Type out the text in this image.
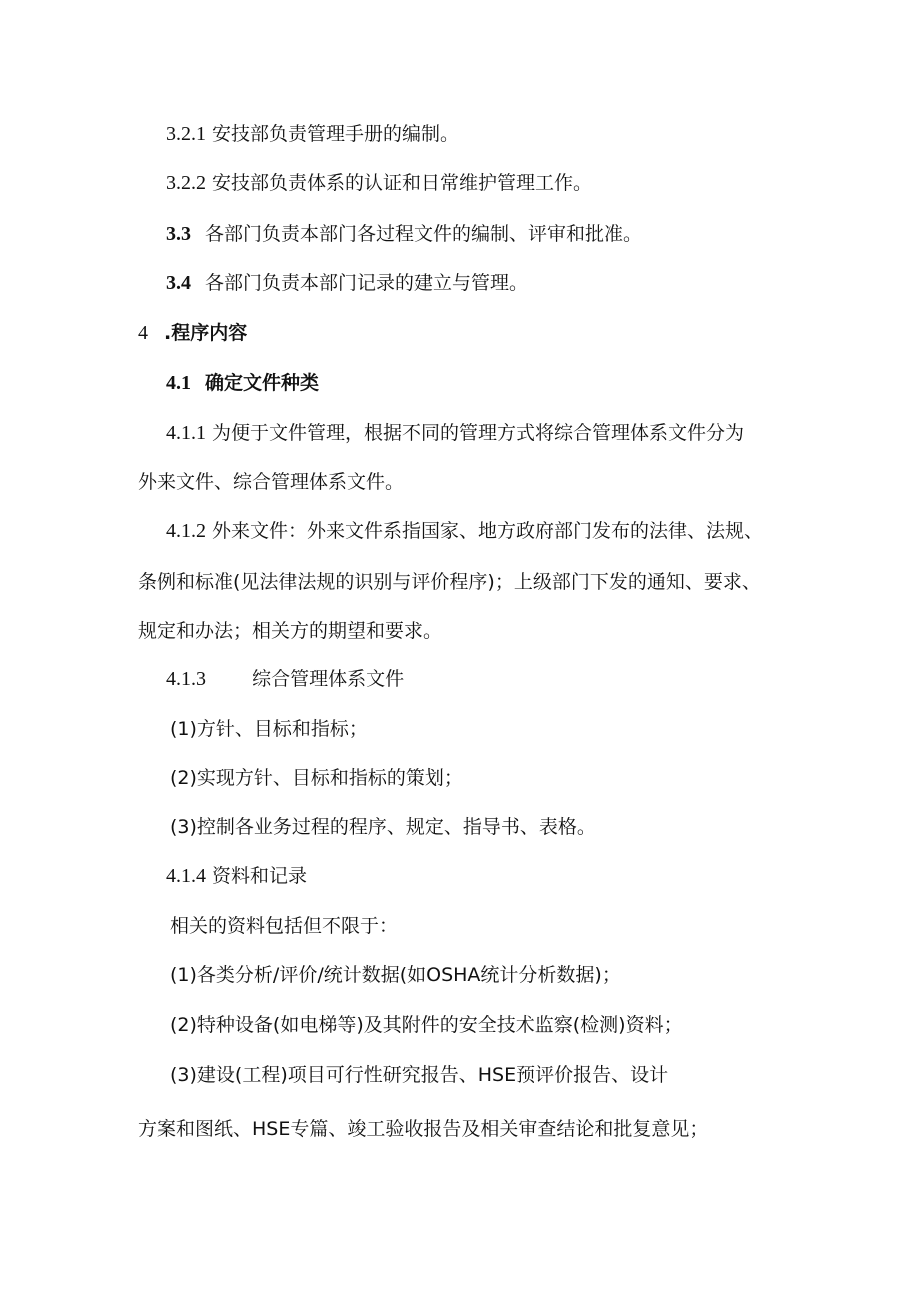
3.2.1 安技部负责管理手册的编制。
3.2.2 安技部负责体系的认证和日常维护管理工作。
3.3 各部门负责本部门各过程文件的编制、评审和批准。
3.4 各部门负责本部门记录的建立与管理。
4 .程序内容
4.1 确定文件种类
4.1.1 为便于文件管理，根据不同的管理方式将综合管理体系文件分为
外来文件、综合管理体系文件。
4.1.2 外来文件：外来文件系指国家、地方政府部门发布的法律、法规、
条例和标准(见法律法规的识别与评价程序)；上级部门下发的通知、要求、
规定和办法；相关方的期望和要求。
4.1.3 综合管理体系文件
(1)方针、目标和指标；
(2)实现方针、目标和指标的策划；
(3)控制各业务过程的程序、规定、指导书、表格。
4.1.4 资料和记录
相关的资料包括但不限于：
(1)各类分析/评价/统计数据(如OSHA统计分析数据)；
(2)特种设备(如电梯等)及其附件的安全技术监察(检测)资料；
(3)建设(工程)项目可行性研究报告、HSE预评价报告、设计
方案和图纸、HSE专篇、竣工验收报告及相关审查结论和批复意见；
